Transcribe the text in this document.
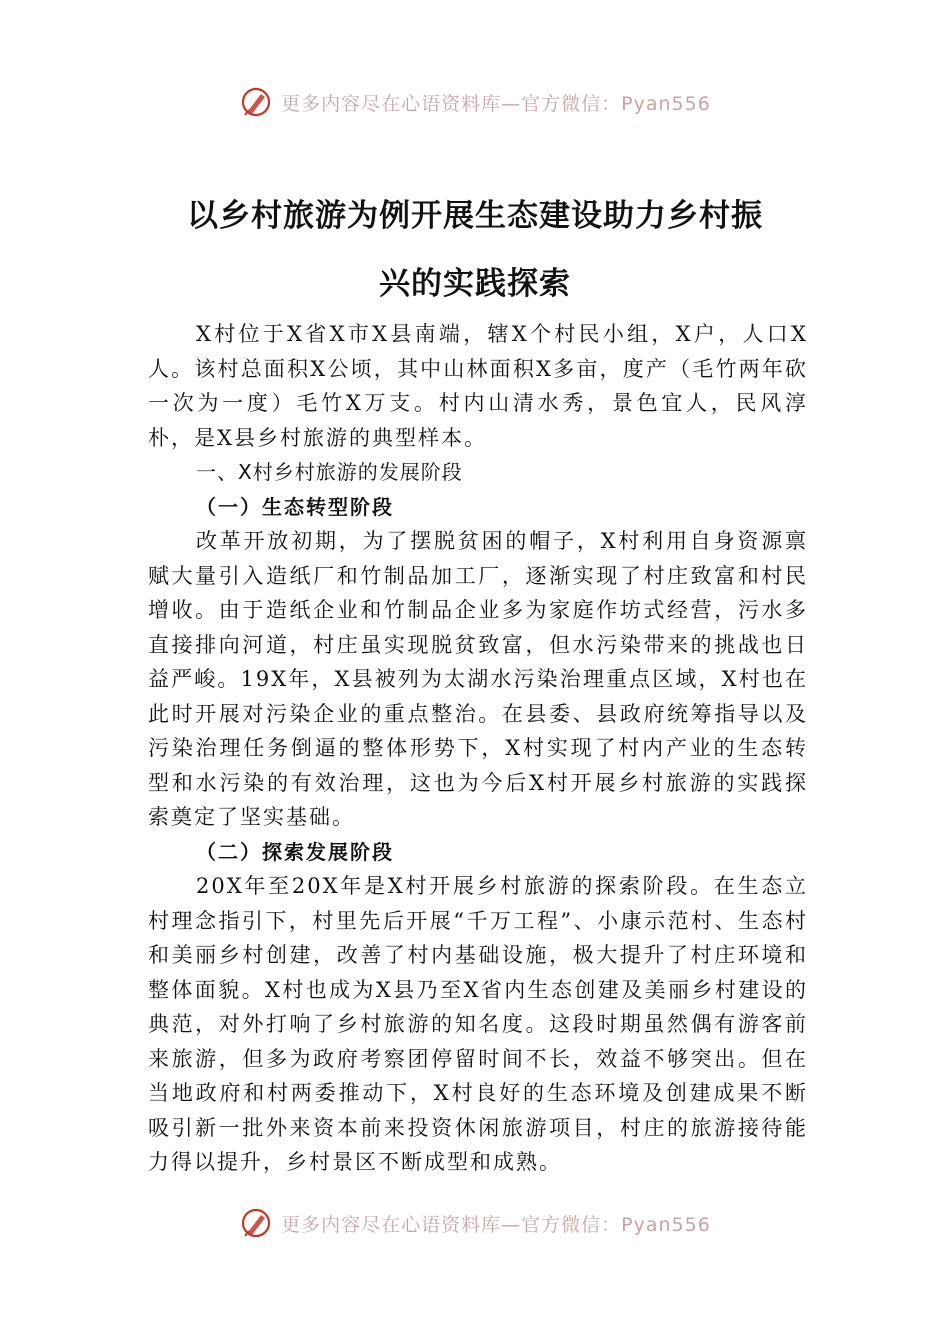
更多内容尽在心语资料库—官方微信：Pyan556
以乡村旅游为例开展生态建设助力乡村振
兴的实践探索

X村位于X省X市X县南端，辖X个村民小组，X户，人口X人。该村总面积X公顷，其中山林面积X多亩，度产（毛竹两年砍一次为一度）毛竹X万支。村内山清水秀，景色宜人，民风淳朴，是X县乡村旅游的典型样本。

一、X村乡村旅游的发展阶段
（一）生态转型阶段

改革开放初期，为了摆脱贫困的帽子，X村利用自身资源禀赋大量引入造纸厂和竹制品加工厂，逐渐实现了村庄致富和村民增收。由于造纸企业和竹制品企业多为家庭作坊式经营，污水多直接排向河道，村庄虽实现脱贫致富，但水污染带来的挑战也日益严峻。19X年，X县被列为太湖水污染治理重点区域，X村也在此时开展对污染企业的重点整治。在县委、县政府统筹指导以及污染治理任务倒逼的整体形势下，X村实现了村内产业的生态转型和水污染的有效治理，这也为今后X村开展乡村旅游的实践探索奠定了坚实基础。

（二）探索发展阶段

20X年至20X年是X村开展乡村旅游的探索阶段。在生态立村理念指引下，村里先后开展“千万工程”、小康示范村、生态村和美丽乡村创建，改善了村内基础设施，极大提升了村庄环境和整体面貌。X村也成为X县乃至X省内生态创建及美丽乡村建设的典范，对外打响了乡村旅游的知名度。这段时期虽然偶有游客前来旅游，但多为政府考察团停留时间不长，效益不够突出。但在当地政府和村两委推动下，X村良好的生态环境及创建成果不断吸引新一批外来资本前来投资休闲旅游项目，村庄的旅游接待能力得以提升，乡村景区不断成型和成熟。

更多内容尽在心语资料库—官方微信：Pyan556
